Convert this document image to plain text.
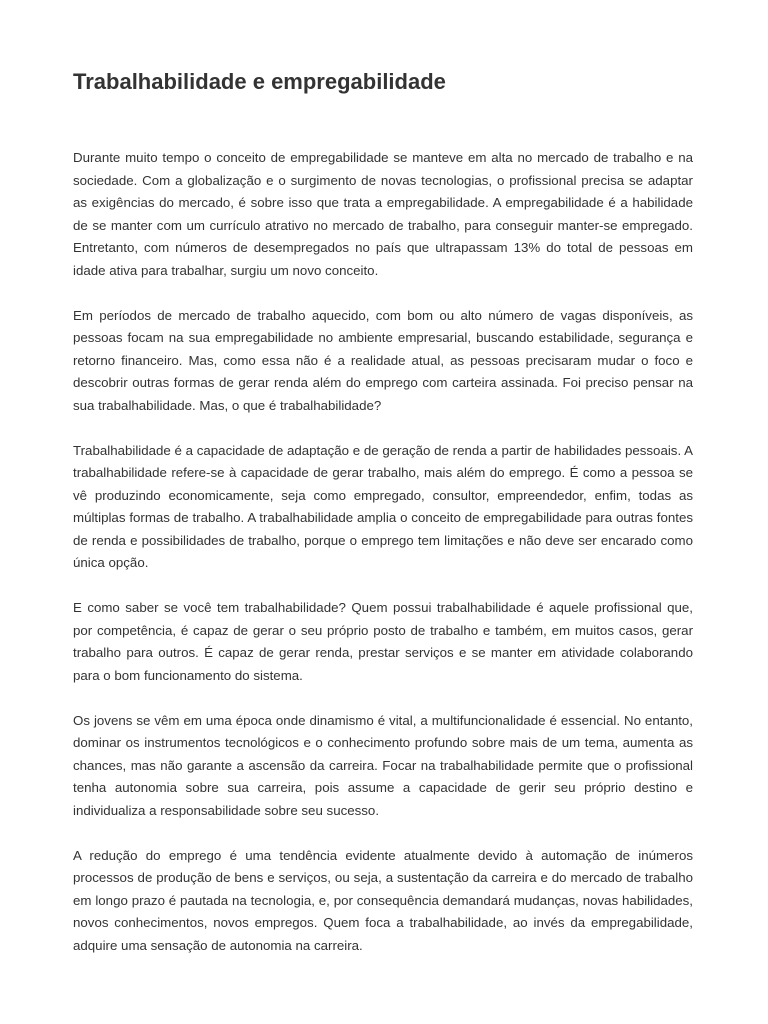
Trabalhabilidade e empregabilidade

Durante muito tempo o conceito de empregabilidade se manteve em alta no mercado de trabalho e na sociedade. Com a globalização e o surgimento de novas tecnologias, o profissional precisa se adaptar as exigências do mercado, é sobre isso que trata a empregabilidade. A empregabilidade é a habilidade de se manter com um currículo atrativo no mercado de trabalho, para conseguir manter-se empregado. Entretanto, com números de desempregados no país que ultrapassam 13% do total de pessoas em idade ativa para trabalhar, surgiu um novo conceito.

Em períodos de mercado de trabalho aquecido, com bom ou alto número de vagas disponíveis, as pessoas focam na sua empregabilidade no ambiente empresarial, buscando estabilidade, segurança e retorno financeiro. Mas, como essa não é a realidade atual, as pessoas precisaram mudar o foco e descobrir outras formas de gerar renda além do emprego com carteira assinada. Foi preciso pensar na sua trabalhabilidade. Mas, o que é trabalhabilidade?

Trabalhabilidade é a capacidade de adaptação e de geração de renda a partir de habilidades pessoais. A trabalhabilidade refere-se à capacidade de gerar trabalho, mais além do emprego. É como a pessoa se vê produzindo economicamente, seja como empregado, consultor, empreendedor, enfim, todas as múltiplas formas de trabalho. A trabalhabilidade amplia o conceito de empregabilidade para outras fontes de renda e possibilidades de trabalho, porque o emprego tem limitações e não deve ser encarado como única opção.

E como saber se você tem trabalhabilidade? Quem possui trabalhabilidade é aquele profissional que, por competência, é capaz de gerar o seu próprio posto de trabalho e também, em muitos casos, gerar trabalho para outros. É capaz de gerar renda, prestar serviços e se manter em atividade colaborando para o bom funcionamento do sistema.

Os jovens se vêm em uma época onde dinamismo é vital, a multifuncionalidade é essencial. No entanto, dominar os instrumentos tecnológicos e o conhecimento profundo sobre mais de um tema, aumenta as chances, mas não garante a ascensão da carreira. Focar na trabalhabilidade permite que o profissional tenha autonomia sobre sua carreira, pois assume a capacidade de gerir seu próprio destino e individualiza a responsabilidade sobre seu sucesso.

A redução do emprego é uma tendência evidente atualmente devido à automação de inúmeros processos de produção de bens e serviços, ou seja, a sustentação da carreira e do mercado de trabalho em longo prazo é pautada na tecnologia, e, por consequência demandará mudanças, novas habilidades, novos conhecimentos, novos empregos. Quem foca a trabalhabilidade, ao invés da empregabilidade, adquire uma sensação de autonomia na carreira.
